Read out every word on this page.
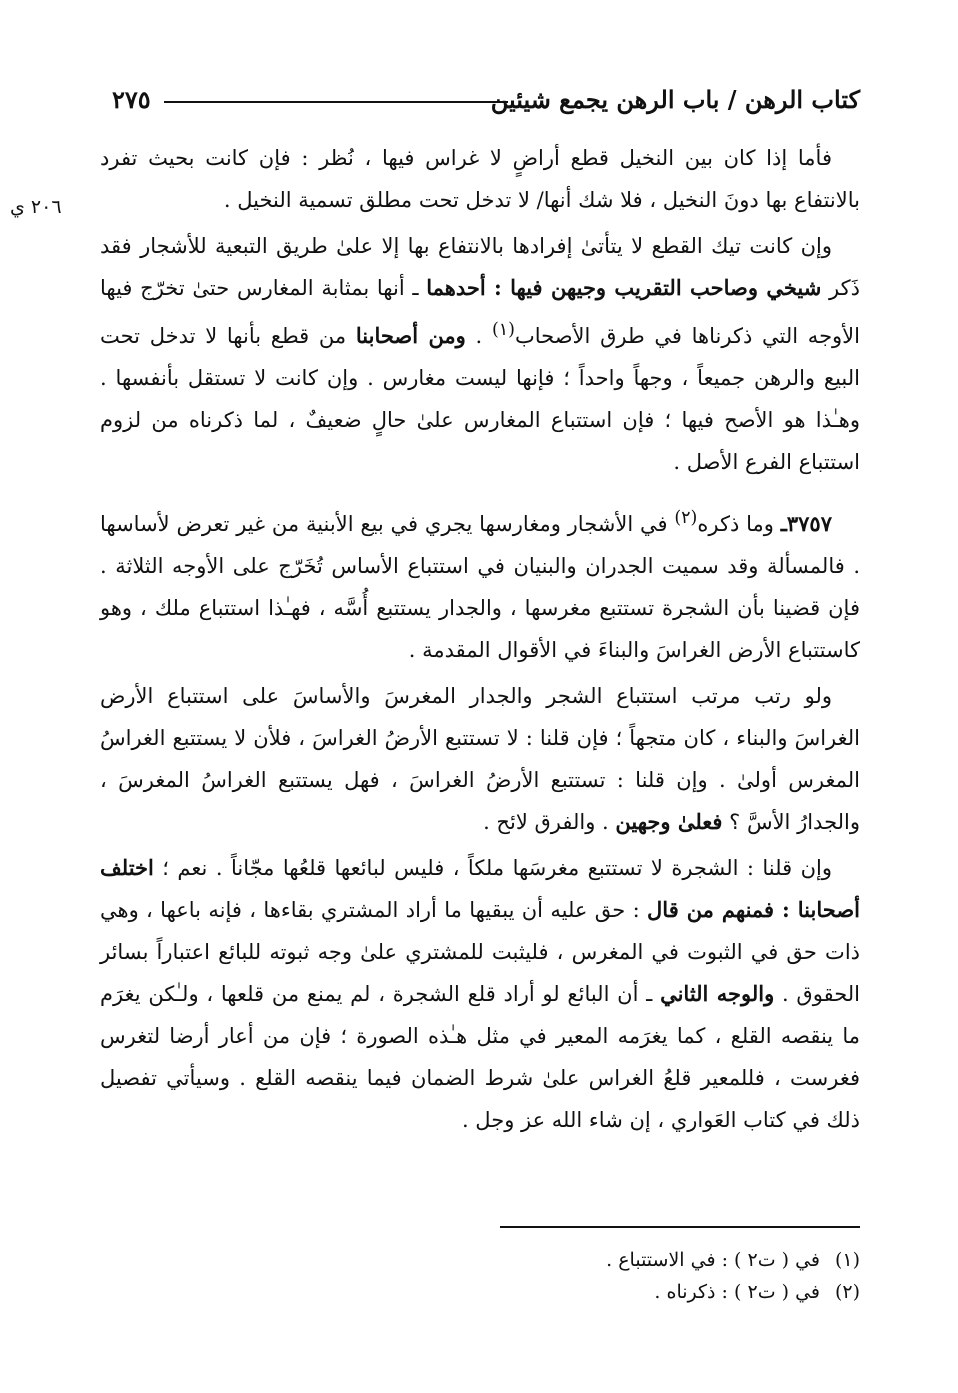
٢٧٥	كتاب الرهن / باب الرهن يجمع شيئين
٢٠٦ ي

فأما إذا كان بين النخيل قطع أراضٍ لا غراس فيها ، نُظر : فإن كانت بحيث تفرد بالانتفاع بها دونَ النخيل ، فلا شك أنها/ لا تدخل تحت مطلق تسمية النخيل .

وإن كانت تيك القطع لا يتأتىٰ إفرادها بالانتفاع بها إلا علىٰ طريق التبعية للأشجار فقد ذَكر شيخي وصاحب التقريب وجيهن فيها : أحدهما ـ أنها بمثابة المغارس حتىٰ تخرّج فيها الأوجه التي ذكرناها في طرق الأصحاب$^{(١)}$ . ومن أصحابنا من قطع بأنها لا تدخل تحت البيع والرهن جميعاً ، وجهاً واحداً ؛ فإنها ليست مغارس . وإن كانت لا تستقل بأنفسها . وهـٰذا هو الأصح فيها ؛ فإن استتباع المغارس علىٰ حالٍ ضعيفٌ ، لما ذكرناه من لزوم استتباع الفرع الأصل .

٣٧٥٧ـ وما ذكره$^{(٢)}$ في الأشجار ومغارسها يجري في بيع الأبنية من غير تعرض لأساسها . فالمسألة وقد سميت الجدران والبنيان في استتباع الأساس تُخَرّج على الأوجه الثلاثة . فإن قضينا بأن الشجرة تستتبع مغرسها ، والجدار يستتبع أُسَّه ، فهـٰذا استتباع ملك ، وهو كاستتباع الأرض الغراسَ والبناءَ في الأقوال المقدمة .

ولو رتب مرتب استتباع الشجر والجدار المغرسَ والأساسَ على استتباع الأرض الغراسَ والبناء ، كان متجهاً ؛ فإن قلنا : لا تستتبع الأرضُ الغراسَ ، فلأن لا يستتبع الغراسُ المغرس أولىٰ . وإن قلنا : تستتبع الأرضُ الغراسَ ، فهل يستتبع الغراسُ المغرسَ ، والجدارُ الأسَّ ؟ فعلىٰ وجهين . والفرق لائح .

وإن قلنا : الشجرة لا تستتبع مغرسَها ملكاً ، فليس لبائعها قلعُها مجّاناً . نعم ؛ اختلف أصحابنا : فمنهم من قال : حق عليه أن يبقيها ما أراد المشتري بقاءها ، فإنه باعها ، وهي ذات حق في الثبوت في المغرس ، فليثبت للمشتري علىٰ وجه ثبوته للبائع اعتباراً بسائر الحقوق . والوجه الثاني ـ أن البائع لو أراد قلع الشجرة ، لم يمنع من قلعها ، ولـٰكن يغرَم ما ينقصه القلع ، كما يغرَمه المعير في مثل هـٰذه الصورة ؛ فإن من أعار أرضا لتغرس فغرست ، فللمعير قلعُ الغراس علىٰ شرط الضمان فيما ينقصه القلع . وسيأتي تفصيل ذلك في كتاب العَواري ، إن شاء الله عز وجل .

(١)في ( ت٢ ) : في الاستتباع .

(٢)في ( ت٢ ) : ذكرناه .
